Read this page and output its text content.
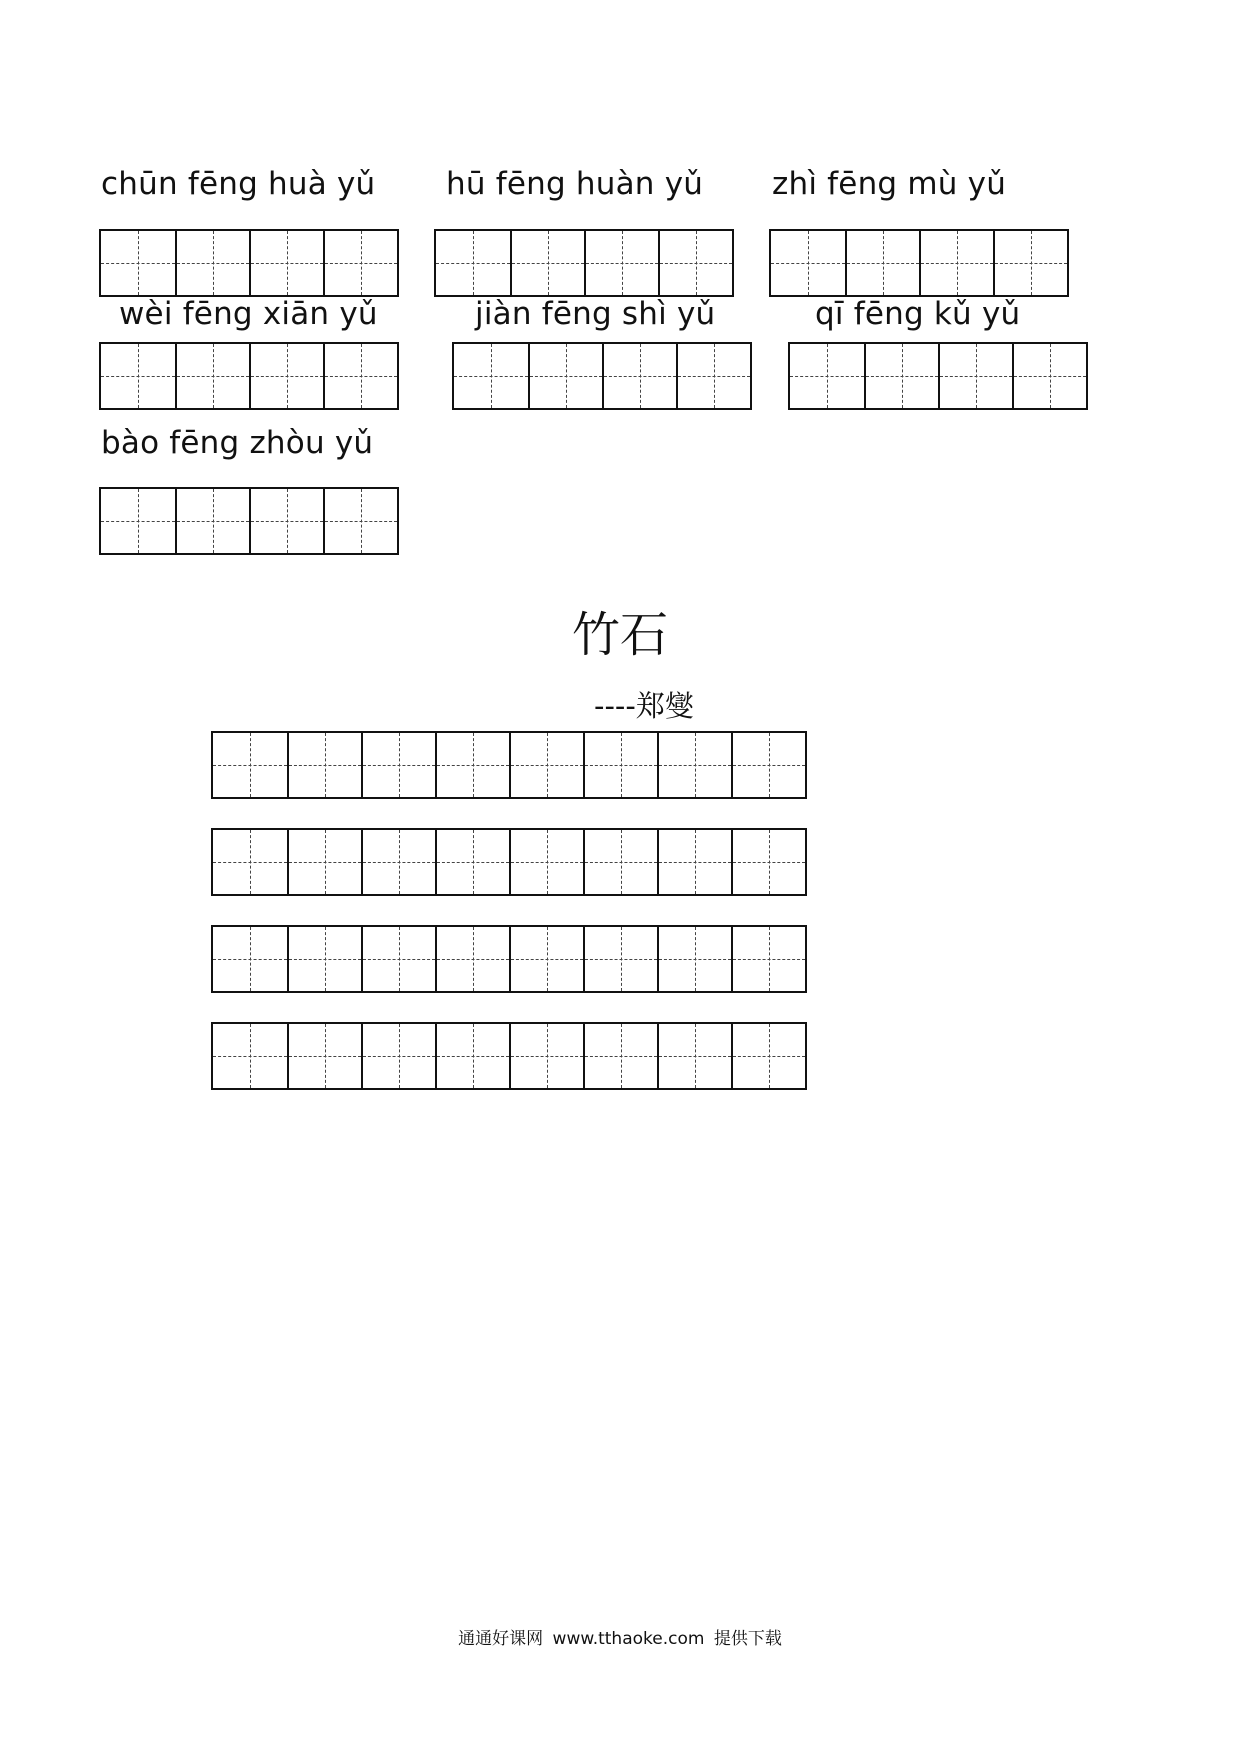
chūn fēng huà yǔ hū fēng huàn yǔ zhì fēng mù yǔ
wèi fēng xiān yǔ	jiàn fēng shì yǔ	qī fēng kǔ yǔ
bào fēng zhòu yǔ
竹石
----郑燮
通通好课网 www.tthaoke.com 提供下载
